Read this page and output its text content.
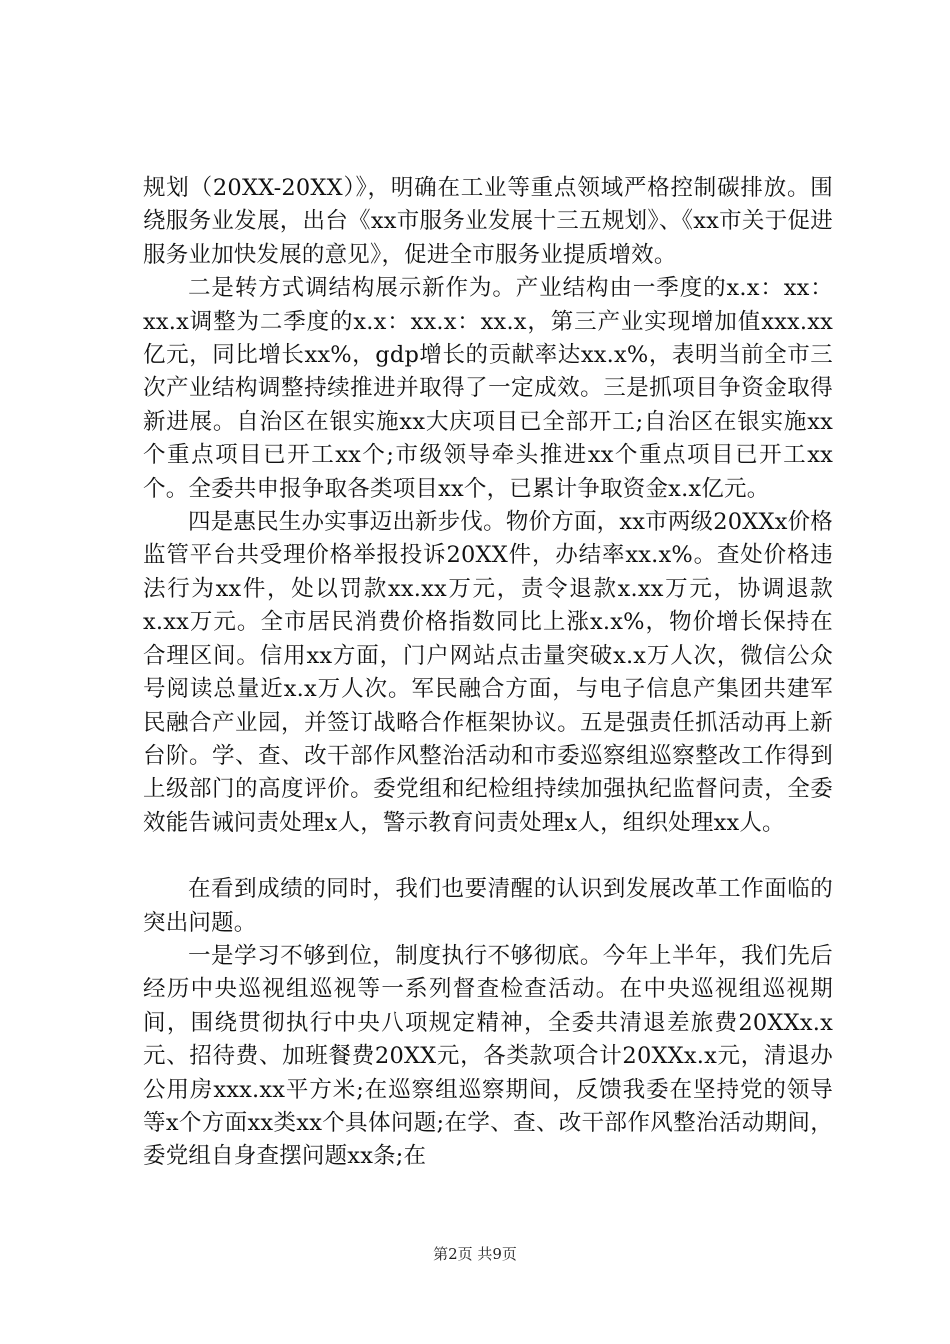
规划（20XX-20XX）》，明确在工业等重点领域严格控制碳排放。围绕服务业发展，出台《xx市服务业发展十三五规划》、《xx市关于促进服务业加快发展的意见》，促进全市服务业提质增效。

二是转方式调结构展示新作为。产业结构由一季度的x.x：xx：xx.x调整为二季度的x.x：xx.x：xx.x，第三产业实现增加值xxx.xx亿元，同比增长xx%，gdp增长的贡献率达xx.x%，表明当前全市三次产业结构调整持续推进并取得了一定成效。三是抓项目争资金取得新进展。自治区在银实施xx大庆项目已全部开工;自治区在银实施xx个重点项目已开工xx个;市级领导牵头推进xx个重点项目已开工xx个。全委共申报争取各类项目xx个，已累计争取资金x.x亿元。

四是惠民生办实事迈出新步伐。物价方面，xx市两级20XXx价格监管平台共受理价格举报投诉20XX件，办结率xx.x%。查处价格违法行为xx件，处以罚款xx.xx万元，责令退款x.xx万元，协调退款x.xx万元。全市居民消费价格指数同比上涨x.x%，物价增长保持在合理区间。信用xx方面，门户网站点击量突破x.x万人次，微信公众号阅读总量近x.x万人次。军民融合方面，与电子信息产集团共建军民融合产业园，并签订战略合作框架协议。五是强责任抓活动再上新台阶。学、查、改干部作风整治活动和市委巡察组巡察整改工作得到上级部门的高度评价。委党组和纪检组持续加强执纪监督问责，全委效能告诫问责处理x人，警示教育问责处理x人，组织处理xx人。

在看到成绩的同时，我们也要清醒的认识到发展改革工作面临的突出问题。

一是学习不够到位，制度执行不够彻底。今年上半年，我们先后经历中央巡视组巡视等一系列督查检查活动。在中央巡视组巡视期间，围绕贯彻执行中央八项规定精神，全委共清退差旅费20XXx.x元、招待费、加班餐费20XX元，各类款项合计20XXx.x元，清退办公用房xxx.xx平方米;在巡察组巡察期间，反馈我委在坚持党的领导等x个方面xx类xx个具体问题;在学、查、改干部作风整治活动期间，委党组自身查摆问题xx条;在

第2页 共9页
